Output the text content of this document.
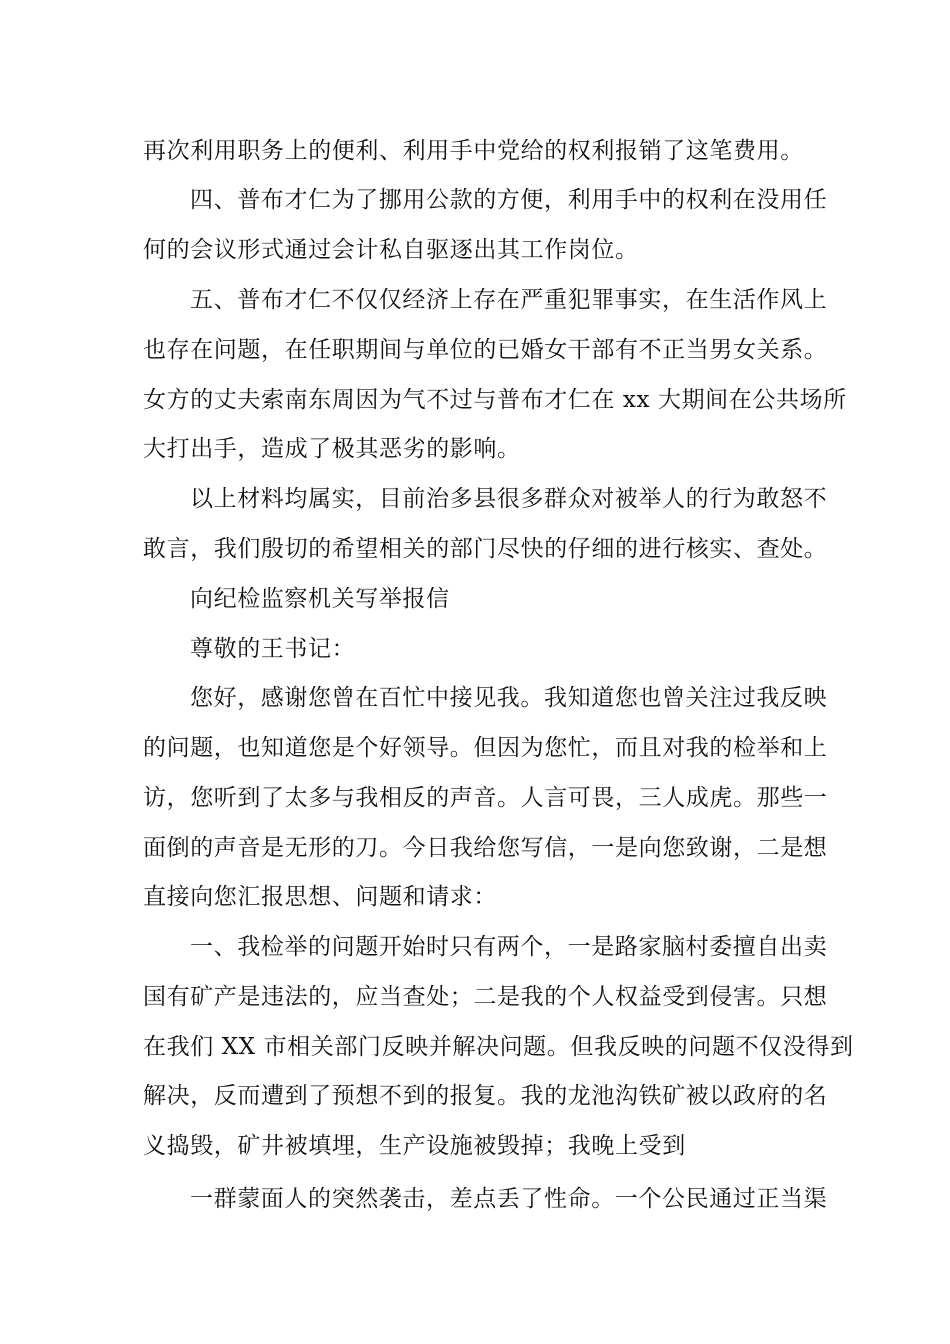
再次利用职务上的便利、利用手中党给的权利报销了这笔费用。

四、普布才仁为了挪用公款的方便，利用手中的权利在没用任

何的会议形式通过会计私自驱逐出其工作岗位。

五、普布才仁不仅仅经济上存在严重犯罪事实，在生活作风上

也存在问题，在任职期间与单位的已婚女干部有不正当男女关系。

女方的丈夫索南东周因为气不过与普布才仁在 xx 大期间在公共场所

大打出手，造成了极其恶劣的影响。

以上材料均属实，目前治多县很多群众对被举人的行为敢怒不

敢言，我们殷切的希望相关的部门尽快的仔细的进行核实、查处。

向纪检监察机关写举报信

尊敬的王书记：

您好，感谢您曾在百忙中接见我。我知道您也曾关注过我反映

的问题，也知道您是个好领导。但因为您忙，而且对我的检举和上

访，您听到了太多与我相反的声音。人言可畏，三人成虎。那些一

面倒的声音是无形的刀。今日我给您写信，一是向您致谢，二是想

直接向您汇报思想、问题和请求：

一、我检举的问题开始时只有两个，一是路家脑村委擅自出卖

国有矿产是违法的，应当查处；二是我的个人权益受到侵害。只想

在我们 XX 市相关部门反映并解决问题。但我反映的问题不仅没得到

解决，反而遭到了预想不到的报复。我的龙池沟铁矿被以政府的名

义捣毁，矿井被填埋，生产设施被毁掉；我晚上受到

一群蒙面人的突然袭击，差点丢了性命。一个公民通过正当渠
